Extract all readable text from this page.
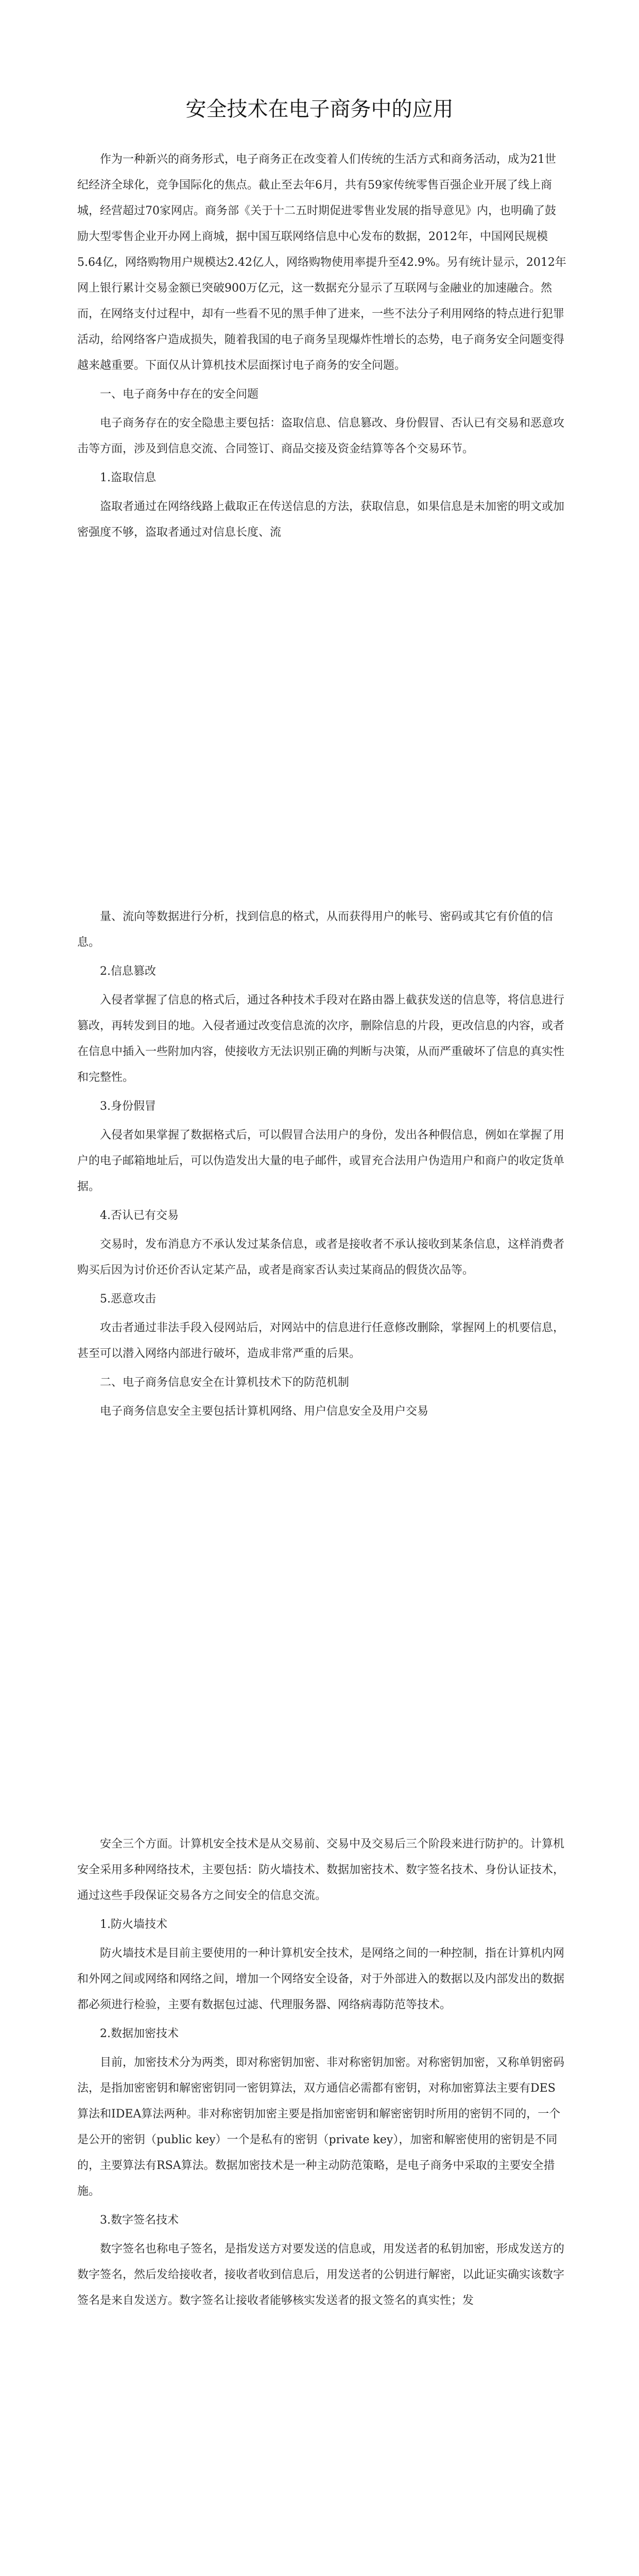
安全技术在电子商务中的应用

作为一种新兴的商务形式，电子商务正在改变着人们传统的生活方式和商务活动，成为21世纪经济全球化，竞争国际化的焦点。截止至去年6月，共有59家传统零售百强企业开展了线上商城，经营超过70家网店。商务部《关于十二五时期促进零售业发展的指导意见》内，也明确了鼓励大型零售企业开办网上商城，据中国互联网络信息中心发布的数据，2012年，中国网民规模5.64亿，网络购物用户规模达2.42亿人，网络购物使用率提升至42.9%。另有统计显示，2012年网上银行累计交易金额已突破900万亿元，这一数据充分显示了互联网与金融业的加速融合。然而，在网络支付过程中，却有一些看不见的黑手伸了进来，一些不法分子利用网络的特点进行犯罪活动，给网络客户造成损失，随着我国的电子商务呈现爆炸性增长的态势，电子商务安全问题变得越来越重要。下面仅从计算机技术层面探讨电子商务的安全问题。

一、电子商务中存在的安全问题

电子商务存在的安全隐患主要包括：盗取信息、信息篡改、身份假冒、否认已有交易和恶意攻击等方面，涉及到信息交流、合同签订、商品交接及资金结算等各个交易环节。

1.盗取信息

盗取者通过在网络线路上截取正在传送信息的方法，获取信息，如果信息是未加密的明文或加密强度不够，盗取者通过对信息长度、流

量、流向等数据进行分析，找到信息的格式，从而获得用户的帐号、密码或其它有价值的信息。

2.信息篡改

入侵者掌握了信息的格式后，通过各种技术手段对在路由器上截获发送的信息等，将信息进行篡改，再转发到目的地。入侵者通过改变信息流的次序，删除信息的片段，更改信息的内容，或者在信息中插入一些附加内容，使接收方无法识别正确的判断与决策，从而严重破坏了信息的真实性和完整性。

3.身份假冒

入侵者如果掌握了数据格式后，可以假冒合法用户的身份，发出各种假信息，例如在掌握了用户的电子邮箱地址后，可以伪造发出大量的电子邮件，或冒充合法用户伪造用户和商户的收定货单据。

4.否认已有交易

交易时，发布消息方不承认发过某条信息，或者是接收者不承认接收到某条信息，这样消费者购买后因为讨价还价否认定某产品，或者是商家否认卖过某商品的假货次品等。

5.恶意攻击

攻击者通过非法手段入侵网站后，对网站中的信息进行任意修改删除，掌握网上的机要信息，甚至可以潜入网络内部进行破坏，造成非常严重的后果。

二、电子商务信息安全在计算机技术下的防范机制

电子商务信息安全主要包括计算机网络、用户信息安全及用户交易

安全三个方面。计算机安全技术是从交易前、交易中及交易后三个阶段来进行防护的。计算机安全采用多种网络技术，主要包括：防火墙技术、数据加密技术、数字签名技术、身份认证技术，通过这些手段保证交易各方之间安全的信息交流。

1.防火墙技术

防火墙技术是目前主要使用的一种计算机安全技术，是网络之间的一种控制，指在计算机内网和外网之间或网络和网络之间，增加一个网络安全设备，对于外部进入的数据以及内部发出的数据都必须进行检验，主要有数据包过滤、代理服务器、网络病毒防范等技术。

2.数据加密技术

目前，加密技术分为两类，即对称密钥加密、非对称密钥加密。对称密钥加密，又称单钥密码法，是指加密密钥和解密密钥同一密钥算法，双方通信必需都有密钥，对称加密算法主要有DES算法和IDEA算法两种。非对称密钥加密主要是指加密密钥和解密密钥时所用的密钥不同的，一个是公开的密钥（public key）一个是私有的密钥（private key），加密和解密使用的密钥是不同的，主要算法有RSA算法。数据加密技术是一种主动防范策略，是电子商务中采取的主要安全措施。

3.数字签名技术

数字签名也称电子签名，是指发送方对要发送的信息或，用发送者的私钥加密，形成发送方的数字签名，然后发给接收者，接收者收到信息后，用发送者的公钥进行解密，以此证实确实该数字签名是来自发送方。数字签名让接收者能够核实发送者的报文签名的真实性；发
